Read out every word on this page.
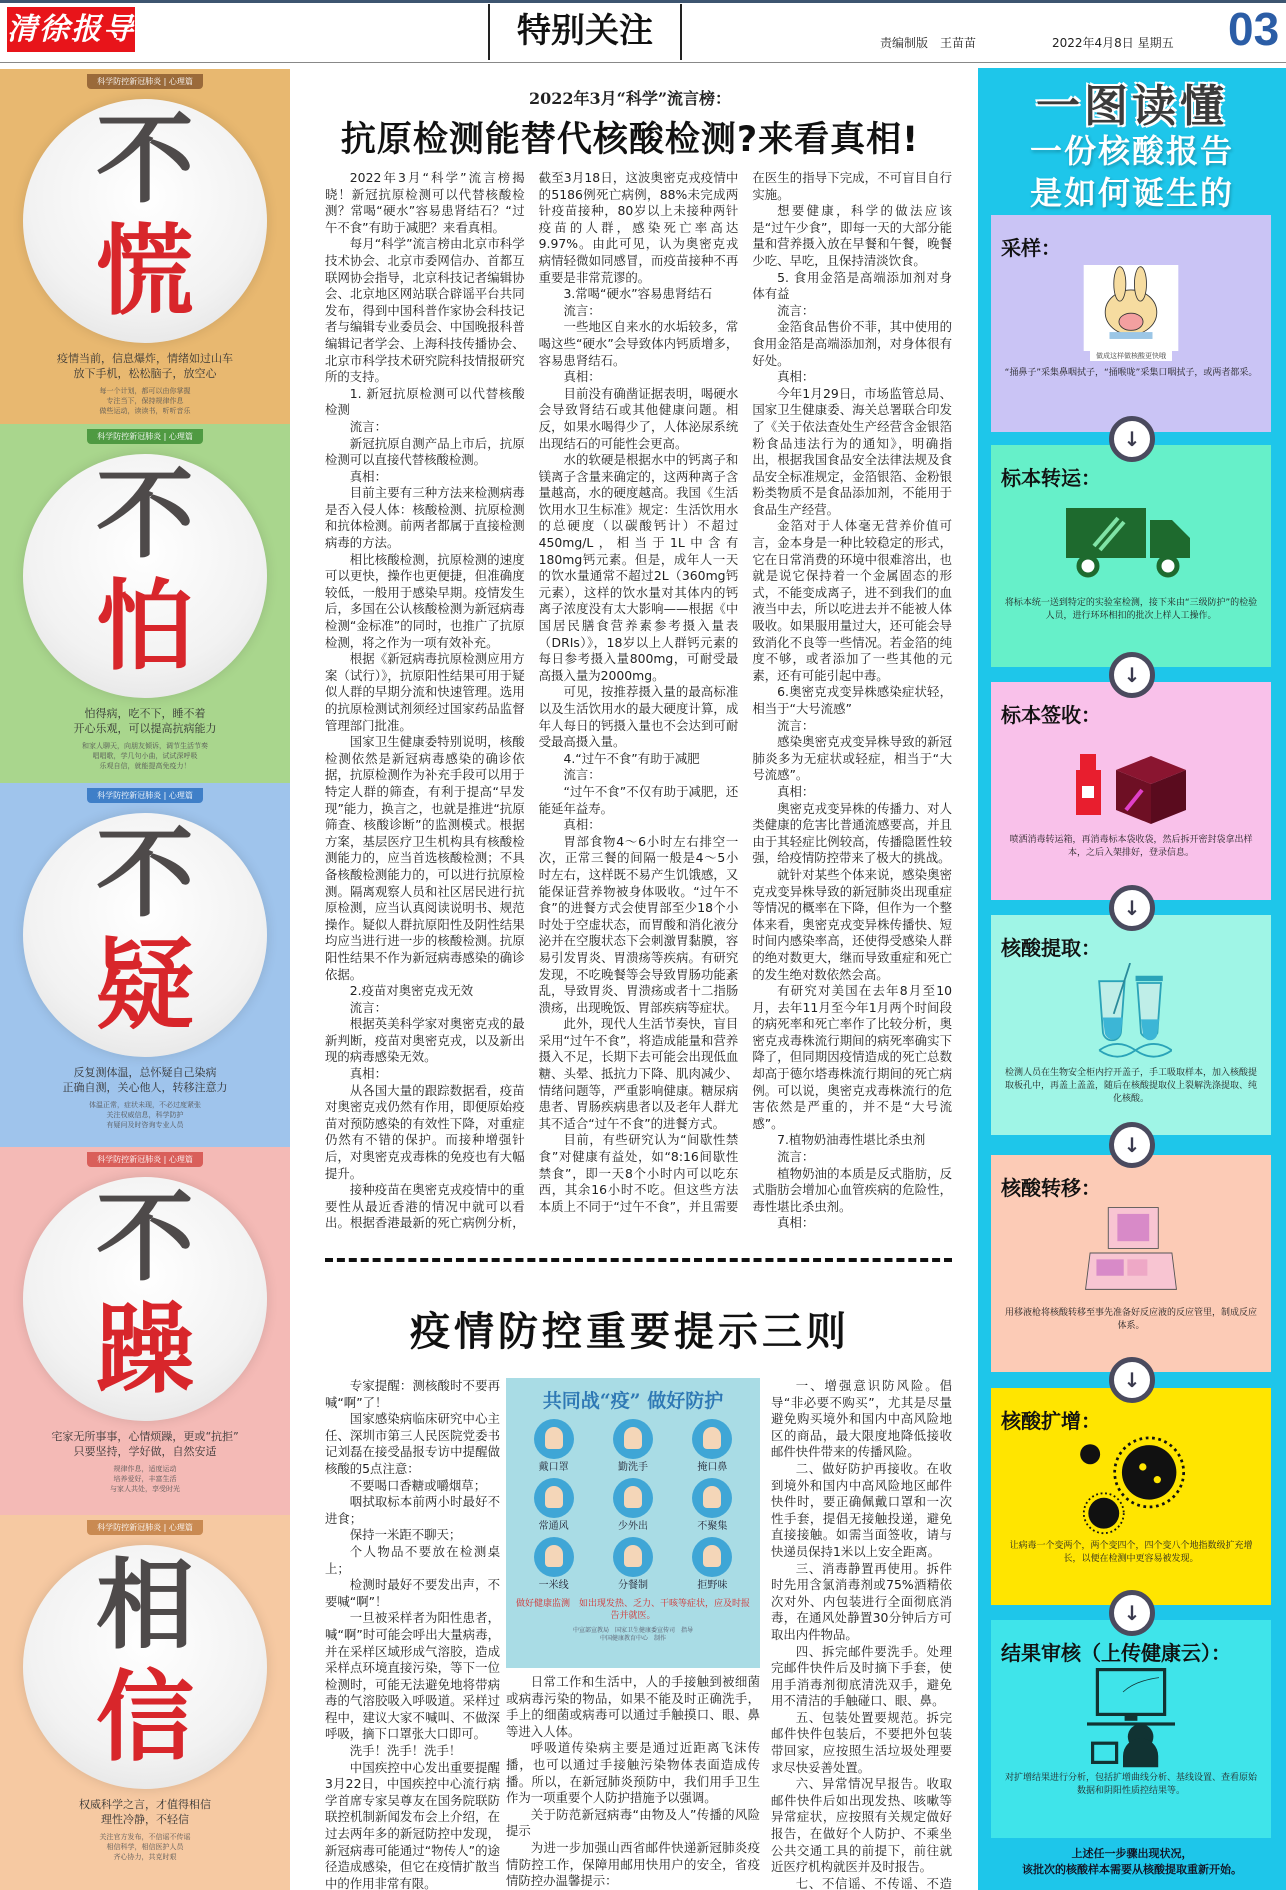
清徐报导	特别关注	责编制版　王苗苗	2022年4月8日 星期五 03
科学防控新冠肺炎 | 心理篇
不
慌
疫情当前，信息爆炸，情绪如过山车
放下手机，松松脑子，放空心
每一个计划，都可以由你掌握
专注当下，保持规律作息
做些运动，读读书，听听音乐
科学防控新冠肺炎 | 心理篇
不
怕
怕得病，吃不下，睡不着
开心乐观，可以提高抗病能力
和家人聊天，向朋友倾诉，调节生活节奏
唱唱歌，学几句小曲，试试深呼吸
乐观自信，就能提高免疫力！
科学防控新冠肺炎 | 心理篇
不
疑
反复测体温，总怀疑自己染病
正确自测，关心他人，转移注意力
体温正常，症状未现，不必过度紧张
关注权威信息，科学防护
有疑问及时咨询专业人员
科学防控新冠肺炎 | 心理篇
不
躁
宅家无所事事，心情烦躁，更或“抗拒”
只要坚持，学好做，自然安适
规律作息，适度运动
培养爱好，丰富生活
与家人共处，享受时光
科学防控新冠肺炎 | 心理篇
相
信
权威科学之言，才值得相信
理性冷静，不轻信
关注官方发布，不信谣不传谣
相信科学，相信医护人员
齐心协力，共克时艰
2022年3月“科学”流言榜：
抗原检测能替代核酸检测?来看真相!

2022年3月“科学”流言榜揭晓！新冠抗原检测可以代替核酸检测？常喝“硬水”容易患肾结石？“过午不食”有助于减肥？来看真相。

每月“科学”流言榜由北京市科学技术协会、北京市委网信办、首都互联网协会指导，北京科技记者编辑协会、北京地区网站联合辟谣平台共同发布，得到中国科普作家协会科技记者与编辑专业委员会、中国晚报科普编辑记者学会、上海科技传播协会、北京市科学技术研究院科技情报研究所的支持。

1. 新冠抗原检测可以代替核酸检测

流言：

新冠抗原自测产品上市后，抗原检测可以直接代替核酸检测。

真相：

目前主要有三种方法来检测病毒是否入侵人体：核酸检测、抗原检测和抗体检测。前两者都属于直接检测病毒的方法。

相比核酸检测，抗原检测的速度可以更快，操作也更便捷，但准确度较低，一般用于感染早期。疫情发生后，多国在公认核酸检测为新冠病毒检测“金标准”的同时，也推广了抗原检测，将之作为一项有效补充。

根据《新冠病毒抗原检测应用方案（试行）》，抗原阳性结果可用于疑似人群的早期分流和快速管理。选用的抗原检测试剂须经过国家药品监督管理部门批准。

国家卫生健康委特别说明，核酸检测依然是新冠病毒感染的确诊依据，抗原检测作为补充手段可以用于特定人群的筛查，有利于提高“早发现”能力，换言之，也就是推进“抗原筛查、核酸诊断”的监测模式。根据方案，基层医疗卫生机构具有核酸检测能力的，应当首选核酸检测；不具备核酸检测能力的，可以进行抗原检测。隔离观察人员和社区居民进行抗原检测，应当认真阅读说明书、规范操作。疑似人群抗原阳性及阴性结果均应当进行进一步的核酸检测。抗原阳性结果不作为新冠病毒感染的确诊依据。

2.疫苗对奥密克戎无效

流言：

根据英美科学家对奥密克戎的最新判断，疫苗对奥密克戎，以及新出现的病毒感染无效。

真相：

从各国大量的跟踪数据看，疫苗对奥密克戎仍然有作用，即便原始疫苗对预防感染的有效性下降，对重症仍然有不错的保护。而接种增强针后，对奥密克戎毒株的免疫也有大幅提升。

接种疫苗在奥密克戎疫情中的重要性从最近香港的情况中就可以看出。根据香港最新的死亡病例分析，截至3月18日，这波奥密克戎疫情中的5186例死亡病例，88%未完成两针疫苗接种，80岁以上未接种两针疫苗的人群，感染死亡率高达9.97%。由此可见，认为奥密克戎病情轻微如同感冒，而疫苗接种不再重要是非常荒谬的。

3.常喝“硬水”容易患肾结石

流言：

一些地区自来水的水垢较多，常喝这些“硬水”会导致体内钙质增多，容易患肾结石。

真相：

目前没有确凿证据表明，喝硬水会导致肾结石或其他健康问题。相反，如果水喝得少了，人体泌尿系统出现结石的可能性会更高。

水的软硬是根据水中的钙离子和镁离子含量来确定的，这两种离子含量越高，水的硬度越高。我国《生活饮用水卫生标准》规定：生活饮用水的总硬度（以碳酸钙计）不超过450mg/L，相当于1L中含有180mg钙元素。但是，成年人一天的饮水量通常不超过2L（360mg钙元素），这样的饮水量对其体内的钙离子浓度没有太大影响——根据《中国居民膳食营养素参考摄入量表（DRIs）》，18岁以上人群钙元素的每日参考摄入量800mg，可耐受最高摄入量为2000mg。

可见，按推荐摄入量的最高标准以及生活饮用水的最大硬度计算，成年人每日的钙摄入量也不会达到可耐受最高摄入量。

4.“过午不食”有助于减肥

流言：

“过午不食”不仅有助于减肥，还能延年益寿。

真相：

胃部食物4～6小时左右排空一次，正常三餐的间隔一般是4～5小时左右，这样既不易产生饥饿感，又能保证营养物被身体吸收。“过午不食”的进餐方式会使胃部至少18个小时处于空虚状态，而胃酸和消化液分泌并在空腹状态下会刺激胃黏膜，容易引发胃炎、胃溃疡等疾病。有研究发现，不吃晚餐等会导致胃肠功能紊乱，导致胃炎、胃溃疡或者十二指肠溃疡，出现晚饭、胃部疾病等症状。

此外，现代人生活节奏快，盲目采用“过午不食”，将造成能量和营养摄入不足，长期下去可能会出现低血糖、头晕、抵抗力下降、肌肉减少、情绪问题等，严重影响健康。糖尿病患者、胃肠疾病患者以及老年人群尤其不适合“过午不食”的进餐方式。

目前，有些研究认为“间歇性禁食”对健康有益处，如“8:16间歇性禁食”，即一天8个小时内可以吃东西，其余16小时不吃。但这些方法本质上不同于“过午不食”，并且需要在医生的指导下完成，不可盲目自行实施。

想要健康，科学的做法应该是“过午少食”，即每一天的大部分能量和营养摄入放在早餐和午餐，晚餐少吃、早吃，且保持清淡饮食。

5. 食用金箔是高端添加剂对身体有益

流言：

金箔食品售价不菲，其中使用的食用金箔是高端添加剂，对身体很有好处。

真相：

今年1月29日，市场监管总局、国家卫生健康委、海关总署联合印发了《关于依法查处生产经营含金银箔粉食品违法行为的通知》，明确指出，根据我国食品安全法律法规及食品安全标准规定，金箔银箔、金粉银粉类物质不是食品添加剂，不能用于食品生产经营。

金箔对于人体毫无营养价值可言，金本身是一种比较稳定的形式，它在日常消费的环境中很难溶出，也就是说它保持着一个金属固态的形式，不能变成离子，进不到我们的血液当中去，所以吃进去并不能被人体吸收。如果服用量过大，还可能会导致消化不良等一些情况。若金箔的纯度不够，或者添加了一些其他的元素，还有可能引起中毒。

6.奥密克戎变异株感染症状轻，相当于“大号流感”

流言：

感染奥密克戎变异株导致的新冠肺炎多为无症状或轻症，相当于“大号流感”。

真相：

奥密克戎变异株的传播力、对人类健康的危害比普通流感要高，并且由于其轻症比例较高，传播隐匿性较强，给疫情防控带来了极大的挑战。

就针对某些个体来说，感染奥密克戎变异株导致的新冠肺炎出现重症等情况的概率在下降，但作为一个整体来看，奥密克戎变异株传播快、短时间内感染率高，还使得受感染人群的绝对数更大，继而导致重症和死亡的发生绝对数依然会高。

有研究对美国在去年8月至10月，去年11月至今年1月两个时间段的病死率和死亡率作了比较分析，奥密克戎毒株流行期间的病死率确实下降了，但同期因疫情造成的死亡总数却高于德尔塔毒株流行期间的死亡病例。可以说，奥密克戎毒株流行的危害依然是严重的，并不是“大号流感”。

7.植物奶油毒性堪比杀虫剂

流言：

植物奶油的本质是反式脂肪，反式脂肪会增加心血管疾病的危险性，毒性堪比杀虫剂。

真相：

疫情防控重要提示三则

专家提醒：测核酸时不要再喊“啊”了！

国家感染病临床研究中心主任、深圳市第三人民医院党委书记刘磊在接受晶报专访中提醒做核酸的5点注意：

不要喝口香糖或嚼烟草；

咽拭取标本前两小时最好不进食；

保持一米距不聊天；

个人物品不要放在检测桌上；

检测时最好不要发出声，不要喊“啊”！

一旦被采样者为阳性患者，喊“啊”时可能会呼出大量病毒，并在采样区域形成气溶胶，造成采样点环境直接污染，等下一位检测时，可能无法避免地将带病毒的气溶胶吸入呼吸道。采样过程中，建议大家不喊叫、不做深呼吸，摘下口罩张大口即可。

洗手！洗手！洗手！

中国疾控中心发出重要提醒 3月22日，中国疾控中心流行病学首席专家吴尊友在国务院联防联控机制新闻发布会上介绍，在过去两年多的新冠防控中发现，新冠病毒可能通过“物传人”的途径造成感染，但它在疫情扩散当中的作用非常有限。

共同战“疫” 做好防护
戴口罩	勤洗手	掩口鼻
常通风	少外出	不聚集
一米线	分餐制	拒野味
做好健康监测　如出现发热、乏力、干咳等症状，应及时报告并就医。
中宣部宣教局　国家卫生健康委宣传司　指导
中国健康教育中心　制作

日常工作和生活中，人的手接触到被细菌或病毒污染的物品，如果不能及时正确洗手，手上的细菌或病毒可以通过手触摸口、眼、鼻等进入人体。

呼吸道传染病主要是通过近距离飞沫传播，也可以通过手接触污染物体表面造成传播。所以，在新冠肺炎预防中，我们用手卫生作为一项重要个人防护措施予以强调。

关于防范新冠病毒“由物及人”传播的风险提示

为进一步加强山西省邮件快递新冠肺炎疫情防控工作，保障用邮用快用户的安全，省疫情防控办温馨提示：

一、增强意识防风险。倡导“非必要不购买”，尤其是尽量避免购买境外和国内中高风险地区的商品，最大限度地降低接收邮件快件带来的传播风险。

二、做好防护再接收。在收到境外和国内中高风险地区邮件快件时，要正确佩戴口罩和一次性手套，提倡无接触投递，避免直接接触。如需当面签收，请与快递员保持1米以上安全距离。

三、消毒静置再使用。拆件时先用含氯消毒剂或75%酒精依次对外、内包装进行全面彻底消毒，在通风处静置30分钟后方可取出内件物品。

四、拆完邮件要洗手。处理完邮件快件后及时摘下手套，使用手消毒剂彻底清洗双手，避免用不清洁的手触碰口、眼、鼻。

五、包装处置要规范。拆完邮件快件包装后，不要把外包装带回家，应按照生活垃圾处理要求尽快妥善处置。

六、异常情况早报告。收取邮件快件后如出现发热、咳嗽等异常症状，应按照有关规定做好报告，在做好个人防护、不乘坐公共交通工具的前提下，前往就近医疗机构就医并及时报告。

七、不信谣、不传谣、不造

一图读懂
一份核酸报告
是如何诞生的
采样：
做成这样做核酸更快哦

“捅鼻子”采集鼻咽拭子，“捅喉咙”采集口咽拭子，或两者都采。

↓
标本转运：

将标本统一送到特定的实验室检测，接下来由“三级防护”的检验人员，进行环环相扣的批次上样人工操作。

↓
标本签收：

喷洒消毒转运箱，再消毒标本袋收袋，然后拆开密封袋拿出样本，之后入架排好，登录信息。

↓
核酸提取：

检测人员在生物安全柜内拧开盖子，手工吸取样本，加入核酸提取板孔中，再盖上盖盖，随后在核酸提取仪上裂解洗涤提取、纯化核酸。

↓
核酸转移：

用移液枪将核酸转移至事先准备好反应液的反应管里，制成反应体系。

↓
核酸扩增：

让病毒一个变两个，两个变四个，四个变八个地指数级扩充增长，以便在检测中更容易被发现。

↓
结果审核（上传健康云）：

对扩增结果进行分析，包括扩增曲线分析、基线设置、查看原始数据和阴阳性质控结果等。

上述任一步骤出现状况，
该批次的核酸样本需要从核酸提取重新开始。
